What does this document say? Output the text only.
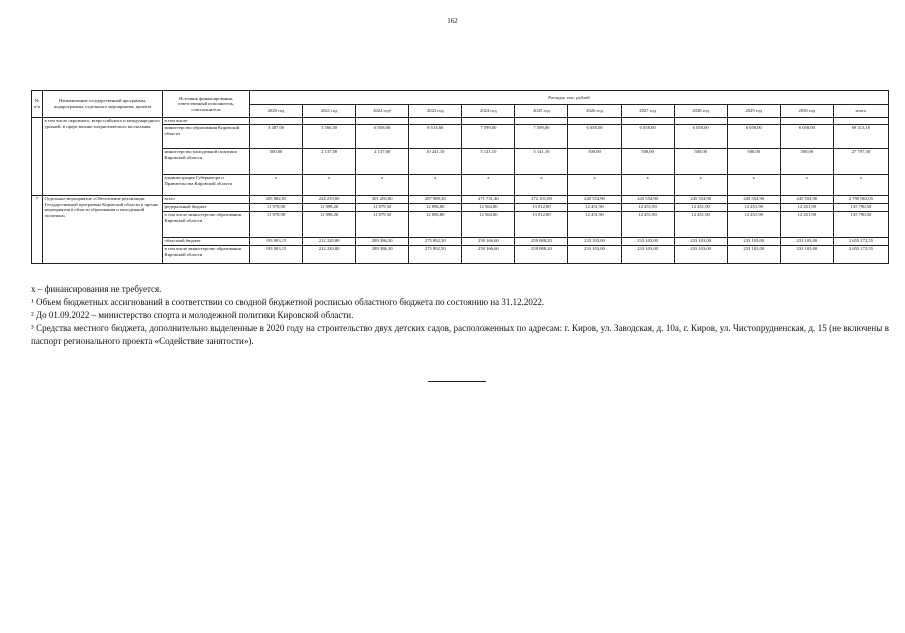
162
№ п/п	Наименование государственной программы, подпрограммы, отдельного мероприятия, проекта	Источник финансирования, ответственный исполнитель, соисполнитель	Расходы, тыс. рублей											
			2020 год	2021 год	2022 год¹	2023 год	2024 год	2025 год	2026 год	2027 год	2028 год	2029 год	2030 год	итого
	в том числе окружного, всероссийского и международного уровней, в сфере военно-патриотического воспитания	в том числе:												
		министерство образования Кировской области	3 487,00	5 566,50	6 058,00	8 513,60	7 599,00	7 599,00	6 058,00	6 058,00	6 058,00	6 058,00	6 058,00	69 313,10
		министерство молодежной политики Кировской области	500,00	2 137,00	2 137,00	10 241,10	5 141,10	5 141,10	500,00	500,00	500,00	500,00	500,00	27 797,30
		администрация Губернатора и Правительства Кировской области	x	x	x	x	x	x	x	x	x	x	x	x
7	Отдельное мероприятие «Обеспечение реализации Государственной программы Кировской области и прочие мероприятия в области образования и молодежной политики»	всего	205 882,05	224 219,00	301 265,80	287 989,30	271 731,40	272 101,00	245 554,90	245 554,90	245 554,90	245 554,90	245 554,90	2 790 963,05
		федеральный бюджет	11 978,90	11 998,20	11 879,50	12 096,80	12 564,80	13 012,80	12 451,90	12 451,90	12 451,90	12 451,90	12 451,90	135 790,50
		в том числе министерство образования Кировской области	11 978,90	11 998,20	11 879,50	12 096,80	12 564,80	13 012,80	12 451,90	12 451,90	12 451,90	12 451,90	12 451,90	135 790,50
		областной бюджет	193 903,15	212 220,80	289 386,30	275 892,50	259 166,60	259 088,20	233 103,00	233 103,00	233 103,00	233 103,00	233 103,00	2 655 172,55
		в том числе министерство образования Кировской области	193 903,15	212 220,80	289 386,30	275 892,50	259 166,60	259 088,20	233 103,00	233 103,00	233 103,00	233 103,00	233 103,00	2 655 172,55

х – финансирования не требуется.

¹ Объем бюджетных ассигнований в соответствии со сводной бюджетной росписью областного бюджета по состоянию на 31.12.2022.

² До 01.09.2022 – министерство спорта и молодежной политики Кировской области.

³ Средства местного бюджета, дополнительно выделенные в 2020 году на строительство двух детских садов, расположенных по адресам: г. Киров, ул. Заводская, д. 10а, г. Киров, ул. Чистопрудненская, д. 15 (не включены в паспорт регионального проекта «Содействие занятости»).
